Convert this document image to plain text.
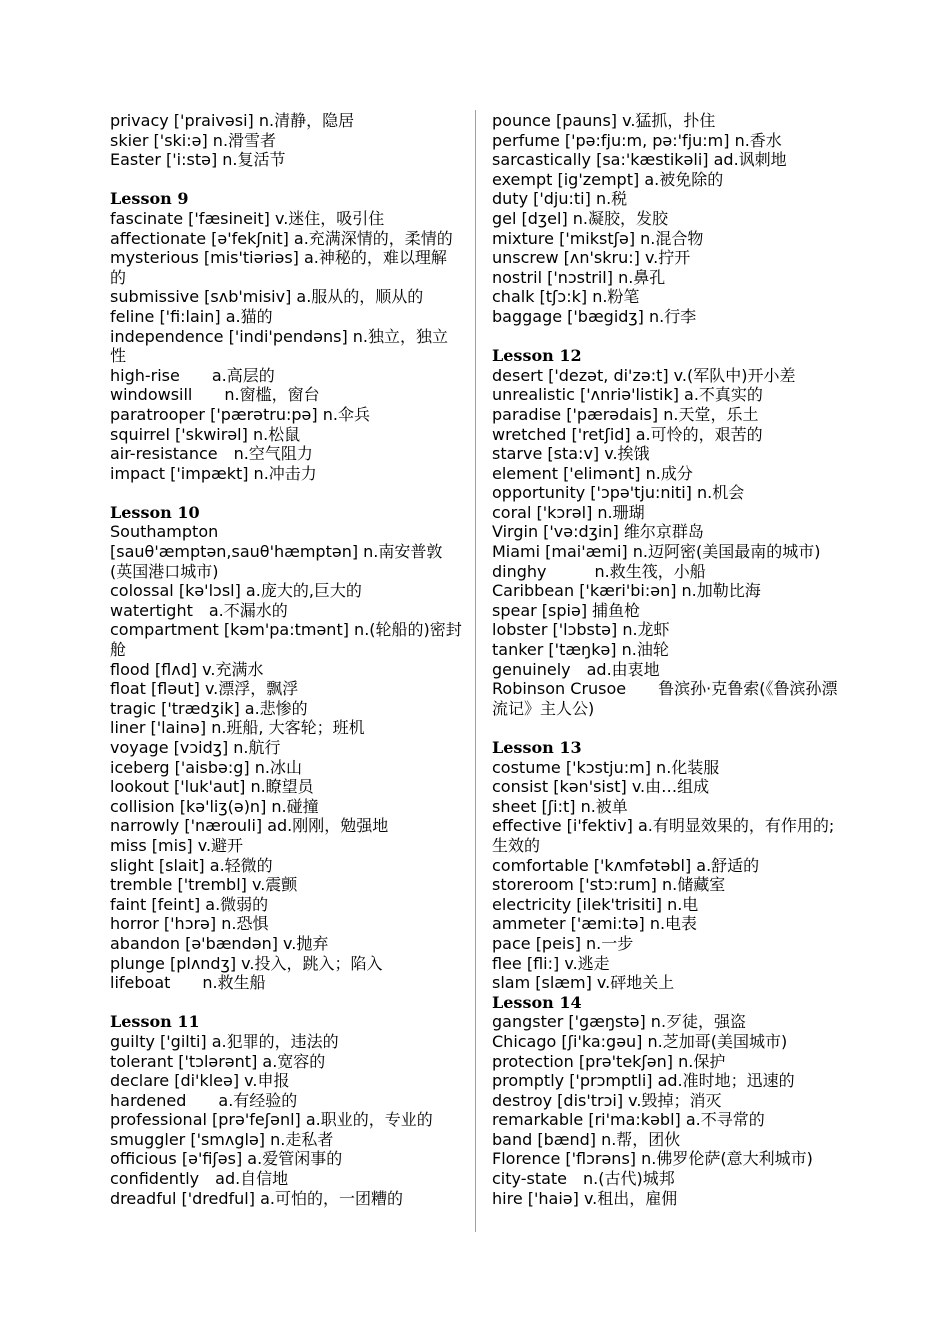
privacy ['praivəsi] n.清静，隐居
skier ['ski:ə] n.滑雪者
Easter ['i:stə] n.复活节
Lesson 9
fascinate ['fæsineit] v.迷住，吸引住
affectionate [ə'fekʃnit] a.充满深情的，柔情的
mysterious [mis'tiəriəs] a.神秘的，难以理解的
submissive [sʌb'misiv] a.服从的，顺从的
feline ['fi:lain] a.猫的
independence ['indi'pendəns] n.独立，独立性
high-rise　　a.高层的
windowsill　　n.窗槛，窗台
paratrooper ['pærətru:pə] n.伞兵
squirrel ['skwirəl] n.松鼠
air-resistance　n.空气阻力
impact ['impækt] n.冲击力
Lesson 10
Southampton
[sauθ'æmptən,sauθ'hæmptən] n.南安普敦(英国港口城市)
colossal [kə'lɔsl] a.庞大的,巨大的
watertight　a.不漏水的
compartment [kəm'pa:tmənt] n.(轮船的)密封舱
flood [flʌd] v.充满水
float [fləut] v.漂浮，飘浮
tragic ['trædʒik] a.悲惨的
liner ['lainə] n.班船, 大客轮；班机
voyage [vɔidʒ] n.航行
iceberg ['aisbə:g] n.冰山
lookout ['luk'aut] n.瞭望员
collision [kə'liʒ(ə)n] n.碰撞
narrowly ['nærouli] ad.刚刚，勉强地
miss [mis] v.避开
slight [slait] a.轻微的
tremble ['trembl] v.震颤
faint [feint] a.微弱的
horror ['hɔrə] n.恐惧
abandon [ə'bændən] v.抛弃
plunge [plʌndʒ] v.投入，跳入；陷入
lifeboat　　n.救生船
Lesson 11
guilty ['gilti] a.犯罪的，违法的
tolerant ['tɔlərənt] a.宽容的
declare [di'kleə] v.申报
hardened　　a.有经验的
professional [prə'feʃənl] a.职业的，专业的
smuggler ['smʌglə] n.走私者
officious [ə'fiʃəs] a.爱管闲事的
confidently　ad.自信地
dreadful ['dredful] a.可怕的，一团糟的
pounce [pauns] v.猛抓，扑住
perfume ['pə:fju:m, pə:'fju:m] n.香水
sarcastically [sa:'kæstikəli] ad.讽刺地
exempt [ig'zempt] a.被免除的
duty ['dju:ti] n.税
gel [dʒel] n.凝胶，发胶
mixture ['mikstʃə] n.混合物
unscrew [ʌn'skru:] v.拧开
nostril ['nɔstril] n.鼻孔
chalk [tʃɔ:k] n.粉笔
baggage ['bægidʒ] n.行李
Lesson 12
desert ['dezət, di'zə:t] v.(军队中)开小差
unrealistic ['ʌnriə'listik] a.不真实的
paradise ['pærədais] n.天堂，乐土
wretched ['retʃid] a.可怜的，艰苦的
starve [sta:v] v.挨饿
element ['elimənt] n.成分
opportunity ['ɔpə'tju:niti] n.机会
coral ['kɔrəl] n.珊瑚
Virgin ['və:dʒin] 维尔京群岛
Miami [mai'æmi] n.迈阿密(美国最南的城市)
dinghy　　　n.救生筏，小船
Caribbean ['kæri'bi:ən] n.加勒比海
spear [spiə] 捕鱼枪
lobster ['lɔbstə] n.龙虾
tanker ['tæŋkə] n.油轮
genuinely　ad.由衷地
Robinson Crusoe　　鲁滨孙·克鲁索(《鲁滨孙漂流记》主人公)
Lesson 13
costume ['kɔstju:m] n.化装服
consist [kən'sist] v.由…组成
sheet [ʃi:t] n.被单
effective [i'fektiv] a.有明显效果的，有作用的; 生效的
comfortable ['kʌmfətəbl] a.舒适的
storeroom ['stɔ:rum] n.储藏室
electricity [ilek'trisiti] n.电
ammeter ['æmi:tə] n.电表
pace [peis] n.一步
flee [fli:] v.逃走
slam [slæm] v.砰地关上
Lesson 14
gangster ['gæŋstə] n.歹徒，强盗
Chicago [ʃi'ka:gəu] n.芝加哥(美国城市)
protection [prə'tekʃən] n.保护
promptly ['prɔmptli] ad.准时地；迅速的
destroy [dis'trɔi] v.毁掉；消灭
remarkable [ri'ma:kəbl] a.不寻常的
band [bænd] n.帮，团伙
Florence ['flɔrəns] n.佛罗伦萨(意大利城市)
city-state　n.(古代)城邦
hire ['haiə] v.租出，雇佣
